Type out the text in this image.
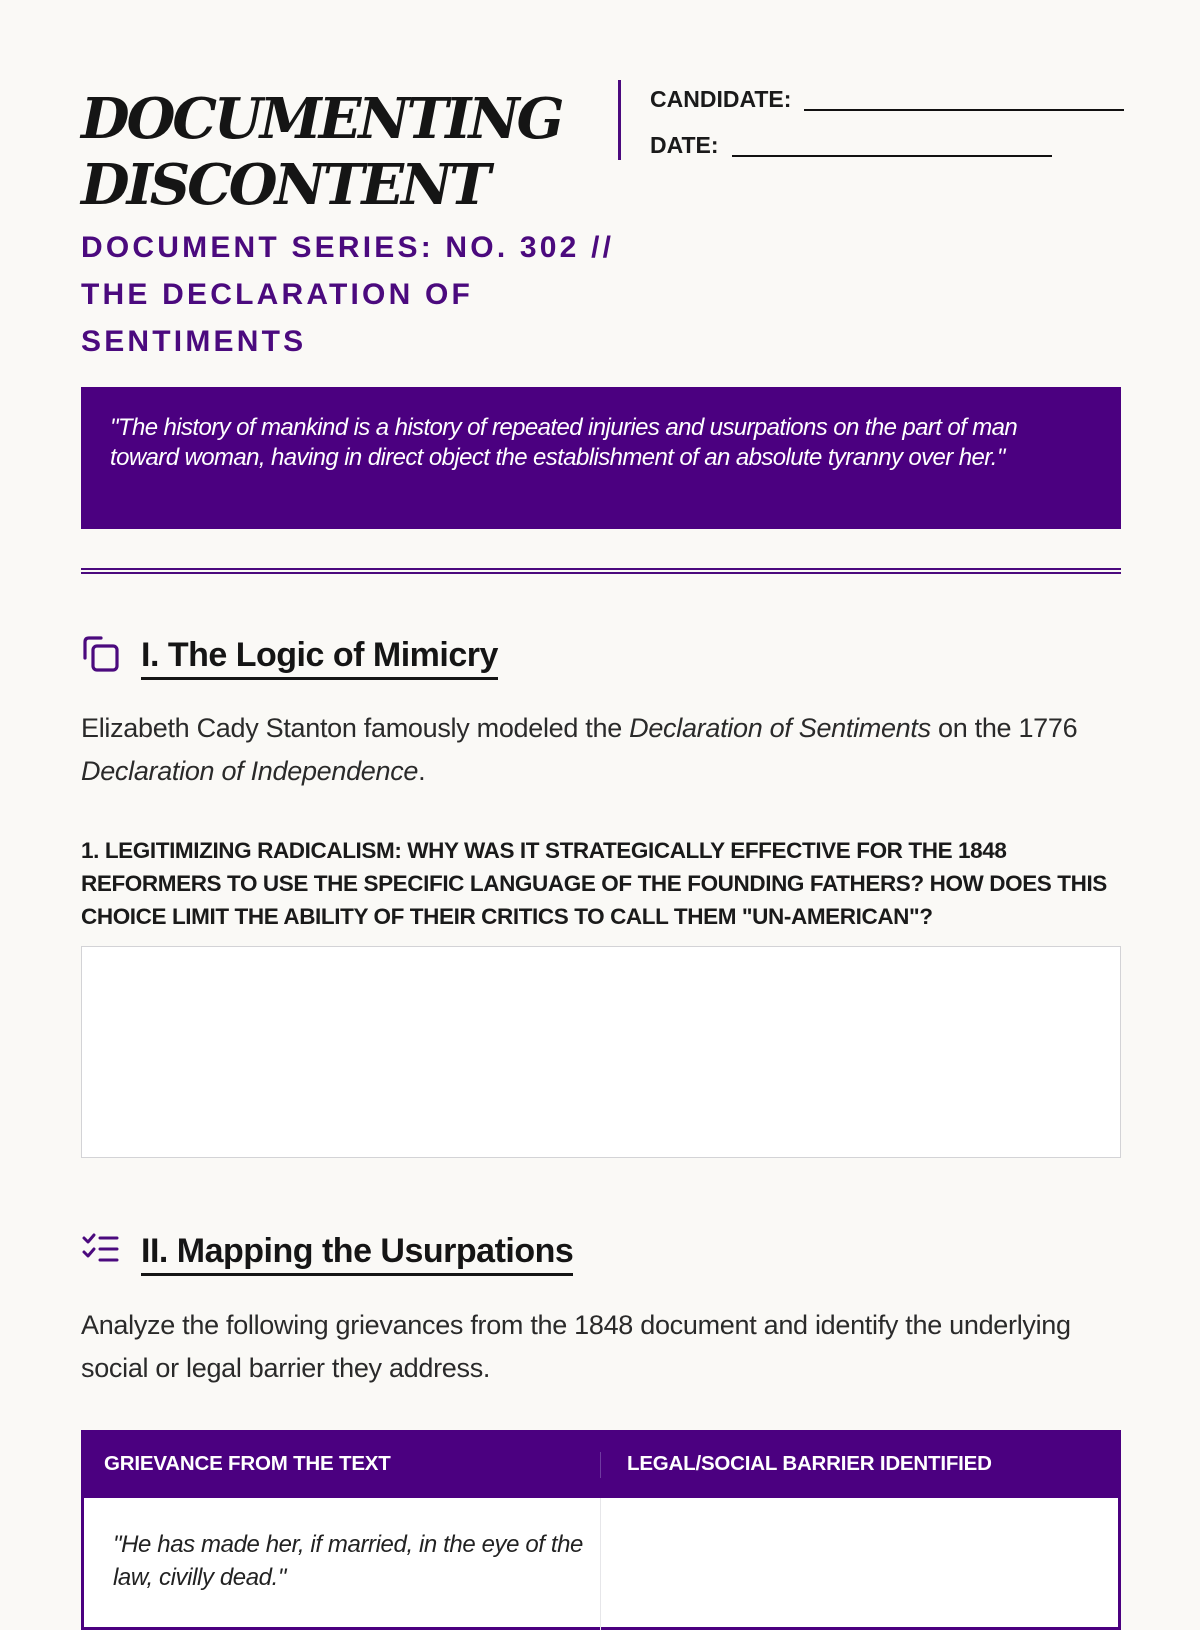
DOCUMENTING
DISCONTENT
DOCUMENT SERIES: NO. 302 //
THE DECLARATION OF
SENTIMENTS
CANDIDATE:
DATE:
"The history of mankind is a history of repeated injuries and usurpations on the part of man toward woman, having in direct object the establishment of an absolute tyranny over her."
I. The Logic of Mimicry
Elizabeth Cady Stanton famously modeled the Declaration of Sentiments on the 1776 Declaration of Independence.
1. LEGITIMIZING RADICALISM: WHY WAS IT STRATEGICALLY EFFECTIVE FOR THE 1848 REFORMERS TO USE THE SPECIFIC LANGUAGE OF THE FOUNDING FATHERS? HOW DOES THIS CHOICE LIMIT THE ABILITY OF THEIR CRITICS TO CALL THEM "UN-AMERICAN"?
II. Mapping the Usurpations
Analyze the following grievances from the 1848 document and identify the underlying social or legal barrier they address.
GRIEVANCE FROM THE TEXT	LEGAL/SOCIAL BARRIER IDENTIFIED
"He has made her, if married, in the eye of the law, civilly dead."
